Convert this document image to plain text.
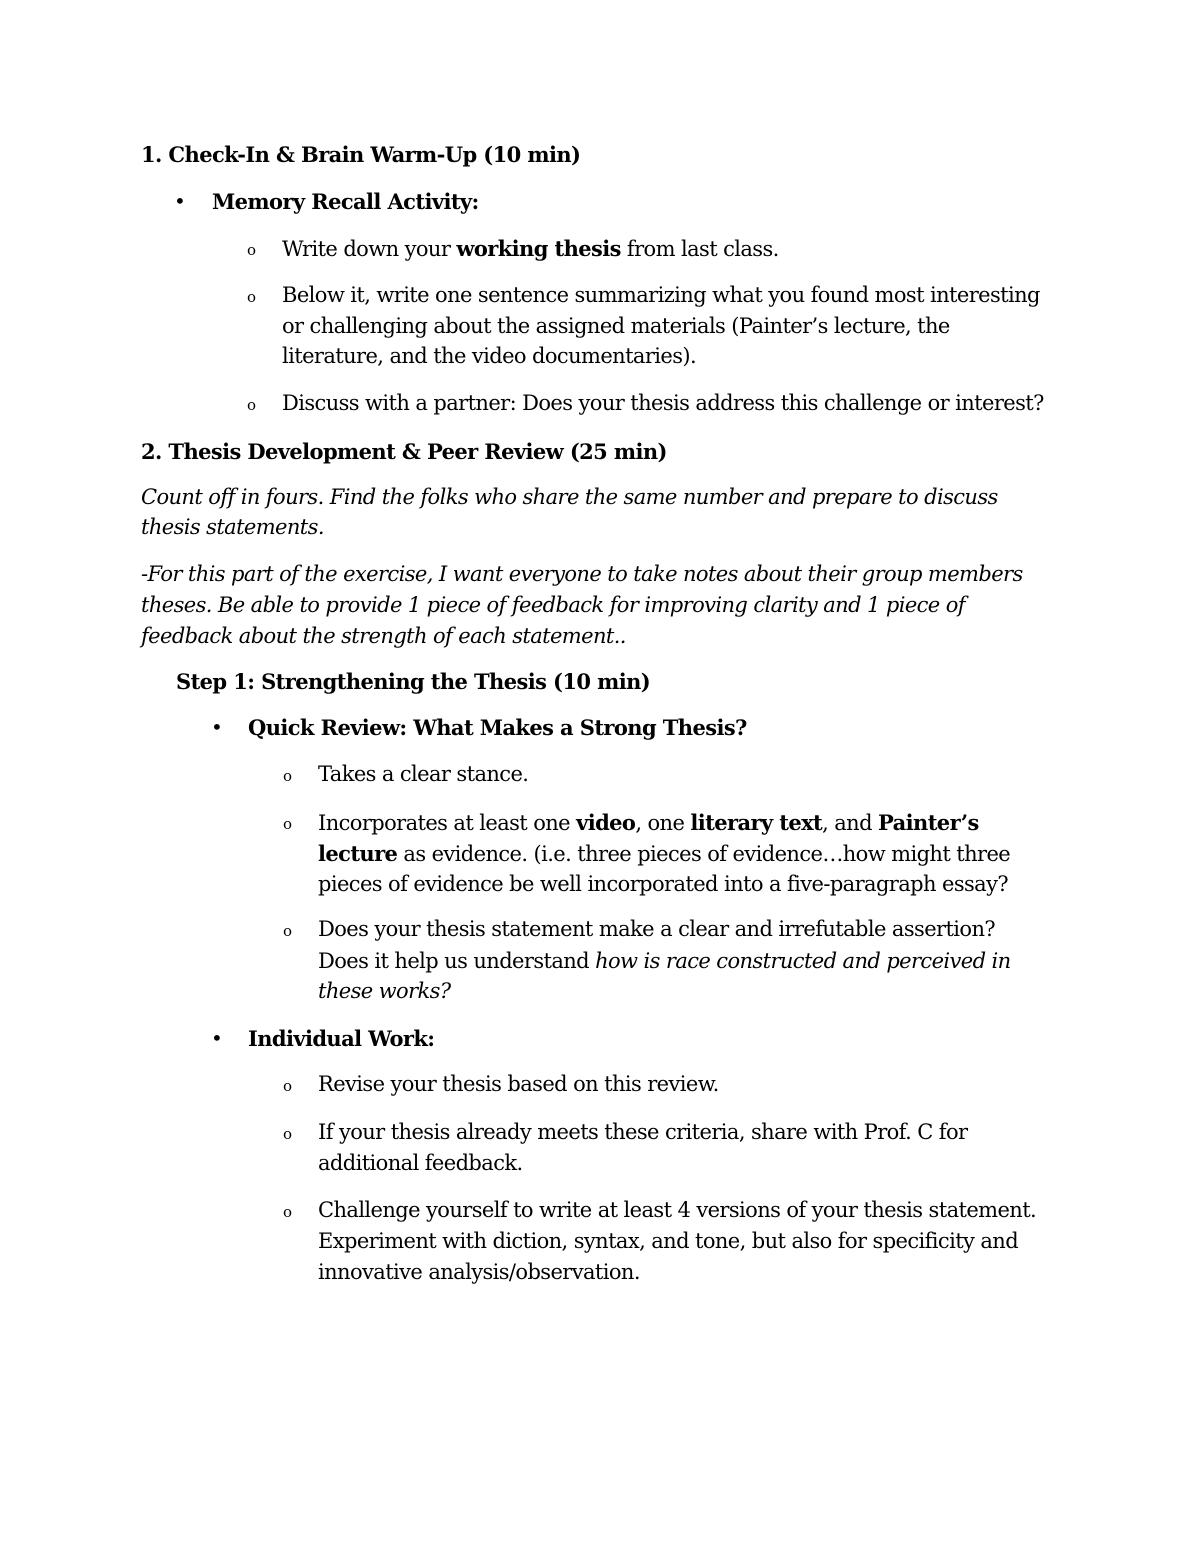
1. Check-In & Brain Warm-Up (10 min)
• Memory Recall Activity:
o Write down your working thesis from last class.
o Below it, write one sentence summarizing what you found most interesting
or challenging about the assigned materials (Painter’s lecture, the
literature, and the video documentaries).
o Discuss with a partner: Does your thesis address this challenge or interest?
2. Thesis Development & Peer Review (25 min)
Count off in fours. Find the folks who share the same number and prepare to discuss
thesis statements.
-For this part of the exercise, I want everyone to take notes about their group members
theses. Be able to provide 1 piece of feedback for improving clarity and 1 piece of
feedback about the strength of each statement..
Step 1: Strengthening the Thesis (10 min)
• Quick Review: What Makes a Strong Thesis?
o Takes a clear stance.
o Incorporates at least one video, one literary text, and Painter’s
lecture as evidence. (i.e. three pieces of evidence…how might three
pieces of evidence be well incorporated into a five-paragraph essay?
o Does your thesis statement make a clear and irrefutable assertion?
Does it help us understand how is race constructed and perceived in
these works?
• Individual Work:
o Revise your thesis based on this review.
o If your thesis already meets these criteria, share with Prof. C for
additional feedback.
o Challenge yourself to write at least 4 versions of your thesis statement.
Experiment with diction, syntax, and tone, but also for specificity and
innovative analysis/observation.
